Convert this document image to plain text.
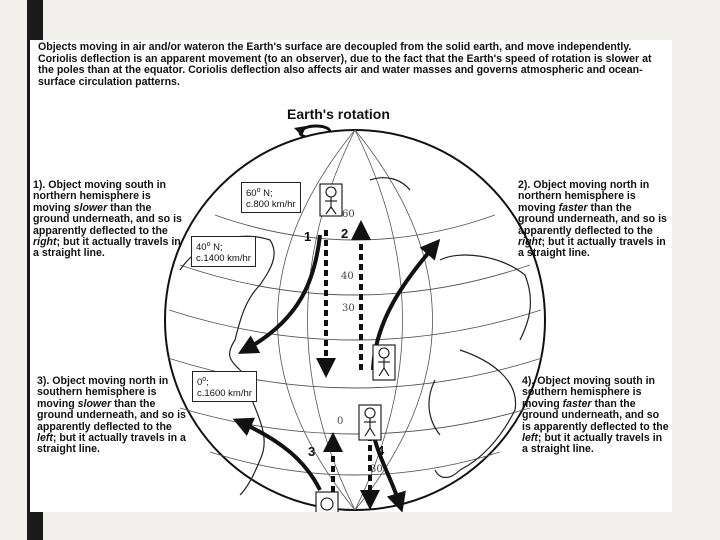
Objects moving in air and/or wateron the Earth's surface are decoupled from the solid earth, and move independently. Coriolis deflection is an apparent movement (to an observer), due to the fact that the Earth's speed of rotation is slower at the poles than at the equator. Coriolis deflection also affects air and water masses and governs atmospheric and ocean-surface circulation patterns.

Earth's rotation
60$^o$ N;
c.800 km/hr
40$^o$ N;
c.1400 km/hr
0$^o$;
c.1600 km/hr
1 2
3	4
60
40
30
0
30

1). Object moving south in northern hemisphere is moving slower than the ground underneath, and so is apparently deflected to the right; but it actually travels in a straight line.

2). Object moving north in northern hemisphere is moving faster than the ground underneath, and so is apparently deflected to the right; but it actually travels in a straight line.

3). Object moving north in southern hemisphere is moving slower than the ground underneath, and so is apparently deflected to the left; but it actually travels in a straight line.

4). Object moving south in southern hemisphere is moving faster than the ground underneath, and so is apparently deflected to the left; but it actually travels in a straight line.
